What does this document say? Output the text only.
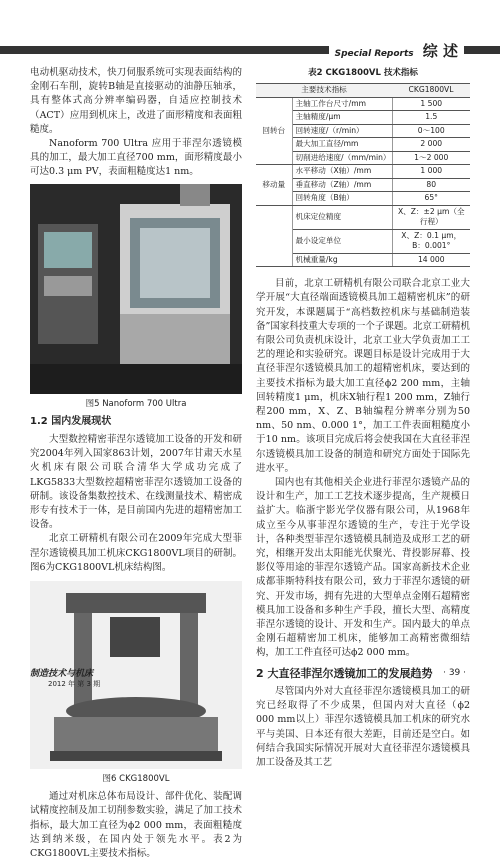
Special Reports 综 述

电动机驱动技术，快刀伺服系统可实现表面结构的金刚石车削，旋转B轴是直接驱动的油静压轴承，具有整体式高分辨率编码器，自适应控制技术（ACT）应用到机床上，改进了面形精度和表面粗糙度。

Nanoform 700 Ultra 应用于菲涅尔透镜模具的加工，最大加工直径700 mm，面形精度最小可达0.3 μm PV，表面粗糙度达1 nm。

图5 Nanoform 700 Ultra
1.2 国内发展现状

大型数控精密菲涅尔透镜加工设备的开发和研究2004年列入国家863计划，2007年甘肃天水星火机床有限公司联合清华大学成功完成了LKG5833大型数控超精密菲涅尔透镜加工设备的研制。该设备集数控技术、在线测量技术、精密成形专有技术于一体，是目前国内先进的超精密加工设备。

北京工研精机有限公司在2009年完成大型菲涅尔透镜模具加工机床CKG1800VL项目的研制。图6为CKG1800VL机床结构图。

图6 CKG1800VL

通过对机床总体布局设计、部件优化、装配调试精度控制及加工切削参数实验，满足了加工技术指标，最大加工直径为ϕ2 000 mm，表面粗糙度达到纳米级，在国内处于领先水平。表2为CKG1800VL主要技术指标。

表2 CKG1800VL 技术指标
主要技术指标		CKG1800VL
回转台	主轴工作台尺寸/mm	1 500
	主轴精度/μm	1.5
	回转速度/（r/min）	0～100
	最大加工直径/mm	2 000
	切削进给速度/（mm/min）	1～2 000
移动量	水平移动（X轴）/mm	1 000
	垂直移动（Z轴）/mm	80
	回转角度（B轴）	65°
	机床定位精度	X、Z：±2 μm（全行程）
	最小设定单位	X、Z：0.1 μm，B：0.001°
	机械重量/kg	14 000

目前，北京工研精机有限公司联合北京工业大学开展“大直径端面透镜模具加工超精密机床”的研究开发，本课题属于“高档数控机床与基础制造装备”国家科技重大专项的一个子课题。北京工研精机有限公司负责机床设计，北京工业大学负责加工工艺的理论和实验研究。课题目标是设计完成用于大直径菲涅尔透镜模具加工的超精密机床，要达到的主要技术指标为最大加工直径ϕ2 200 mm，主轴回转精度1 μm，机床X轴行程1 200 mm，Z轴行程200 mm，X、Z、B轴编程分辨率分别为50 nm、50 nm、0.000 1°，加工工件表面粗糙度小于10 nm。该项目完成后将会使我国在大直径菲涅尔透镜模具加工设备的制造和研究方面处于国际先进水平。

国内也有其他相关企业进行菲涅尔透镜产品的设计和生产，加工工艺技术逐步提高，生产规模日益扩大。临浙宇影光学仪器有限公司，从1968年成立至今从事菲涅尔透镜的生产，专注于光学设计，各种类型菲涅尔透镜模具制造及成形工艺的研究，相继开发出太阳能光伏聚光、背投影屏幕、投影仪等用途的菲涅尔透镜产品。国家高新技术企业成都菲斯特科技有限公司，致力于菲涅尔透镜的研究、开发市场，拥有先进的大型单点金刚石超精密模具加工设备和多种生产手段，擅长大型、高精度菲涅尔透镜的设计、开发和生产。国内最大的单点金刚石超精密加工机床，能够加工高精密微细结构，加工工件直径可达ϕ2 000 mm。

2 大直径菲涅尔透镜加工的发展趋势

尽管国内外对大直径菲涅尔透镜模具加工的研究已经取得了不少成果，但国内对大直径（ϕ2 000 mm以上）菲涅尔透镜模具加工机床的研究水平与美国、日本还有很大差距，目前还是空白。如何结合我国实际情况开展对大直径菲涅尔透镜模具加工设备及其工艺

制造技术与机床
2012 年 第 3 期
· 39 ·
